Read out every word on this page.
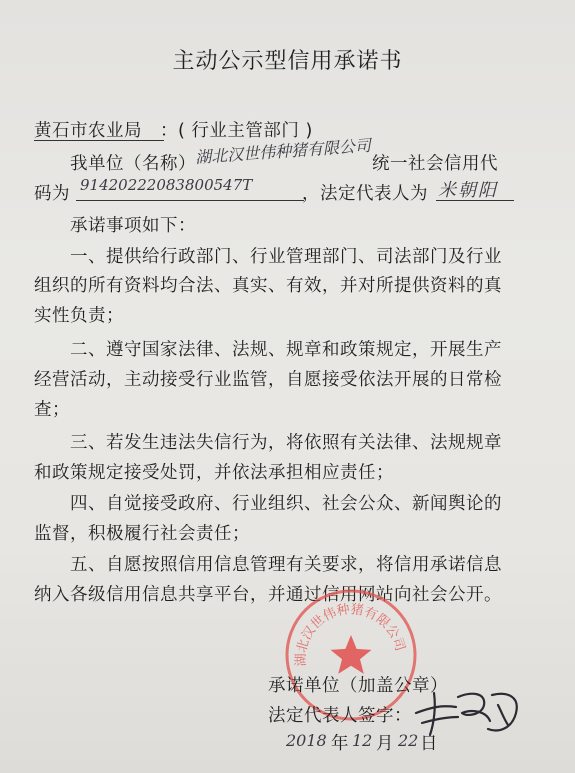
主动公示型信用承诺书
黄石市农业局 ：( 行业主管部门 )
我单位（名称）
湖北汉世伟种猪有限公司 统一社会信用代
码为 91420222083800547T	，法定代表人为 米朝阳
承诺事项如下：
一、提供给行政部门、行业管理部门、司法部门及行业
组织的所有资料均合法、真实、有效，并对所提供资料的真
实性负责；
二、遵守国家法律、法规、规章和政策规定，开展生产
经营活动，主动接受行业监管，自愿接受依法开展的日常检
查；
三、若发生违法失信行为，将依照有关法律、法规规章
和政策规定接受处罚，并依法承担相应责任；
四、自觉接受政府、行业组织、社会公众、新闻舆论的
监督，积极履行社会责任；
五、自愿按照信用信息管理有关要求，将信用承诺信息
纳入各级信用信息共享平台，并通过信用网站向社会公开。
湖北汉世伟种猪有限公司
承诺单位（加盖公章）
法定代表人签字：
2018 年 12 月 22 日
